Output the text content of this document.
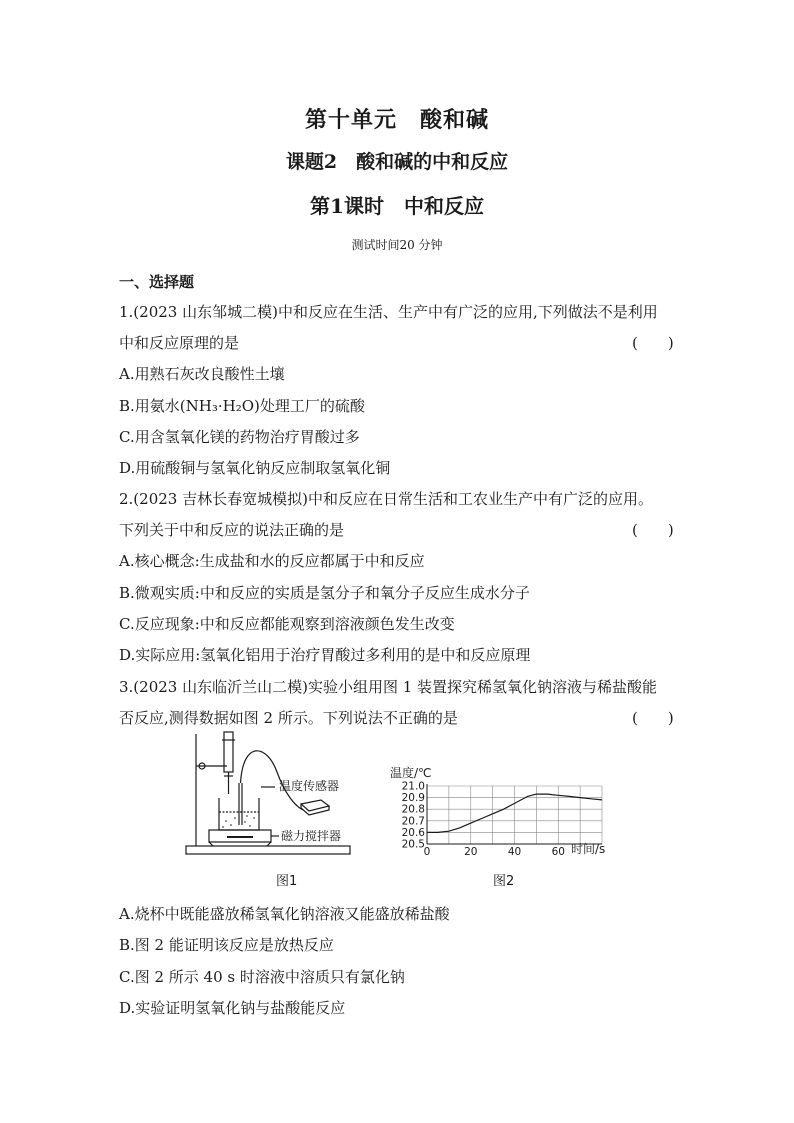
第十单元　酸和碱
课题2　酸和碱的中和反应
第1课时　中和反应
测试时间20 分钟
一、选择题
1.(2023 山东邹城二模)中和反应在生活、生产中有广泛的应用,下列做法不是利用
中和反应原理的是	(　　)
A.用熟石灰改良酸性土壤
B.用氨水(NH₃·H₂O)处理工厂的硫酸
C.用含氢氧化镁的药物治疗胃酸过多
D.用硫酸铜与氢氧化钠反应制取氢氧化铜
2.(2023 吉林长春宽城模拟)中和反应在日常生活和工农业生产中有广泛的应用。
下列关于中和反应的说法正确的是	(　　)
A.核心概念:生成盐和水的反应都属于中和反应
B.微观实质:中和反应的实质是氢分子和氧分子反应生成水分子
C.反应现象:中和反应都能观察到溶液颜色发生改变
D.实际应用:氢氧化铝用于治疗胃酸过多利用的是中和反应原理
3.(2023 山东临沂兰山二模)实验小组用图 1 装置探究稀氢氧化钠溶液与稀盐酸能
否反应,测得数据如图 2 所示。下列说法不正确的是	(　　)
温度传感器
磁力搅拌器
图1
20.5
20.6
20.7
20.8
20.9
21.0
0	20	40	60
温度/℃
时间/s
图2
A.烧杯中既能盛放稀氢氧化钠溶液又能盛放稀盐酸
B.图 2 能证明该反应是放热反应
C.图 2 所示 40 s 时溶液中溶质只有氯化钠
D.实验证明氢氧化钠与盐酸能反应
